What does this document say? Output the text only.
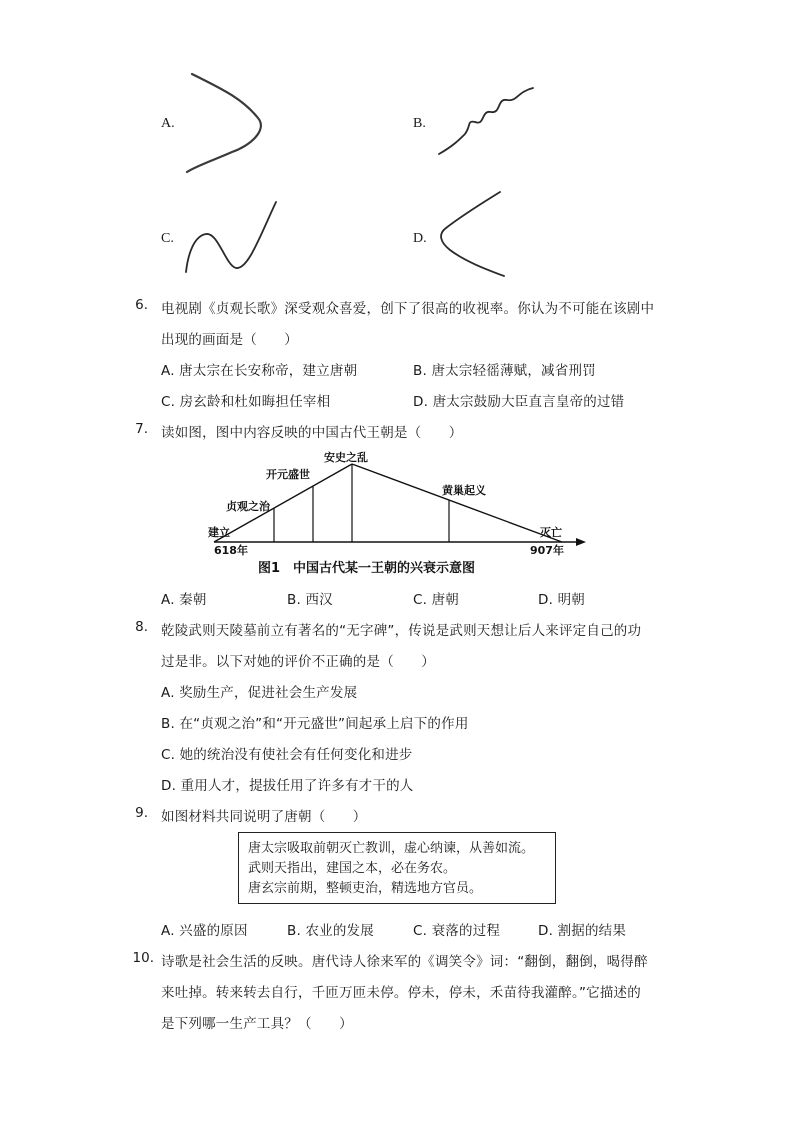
A.	B.
C.	D.
6. 电视剧《贞观长歌》深受观众喜爱，创下了很高的收视率。你认为不可能在该剧中
出现的画面是（　　）
A. 唐太宗在长安称帝，建立唐朝	B. 唐太宗轻徭薄赋，减省刑罚
C. 房玄龄和杜如晦担任宰相	D. 唐太宗鼓励大臣直言皇帝的过错
7. 读如图，图中内容反映的中国古代王朝是（　　）
建立
618年
贞观之治
开元盛世
安史之乱
黄巢起义
灭亡
907年
图1　中国古代某一王朝的兴衰示意图
A. 秦朝	B. 西汉	C. 唐朝	D. 明朝
8. 乾陵武则天陵墓前立有著名的“无字碑”，传说是武则天想让后人来评定自己的功
过是非。以下对她的评价不正确的是（　　）
A. 奖励生产，促进社会生产发展
B. 在“贞观之治”和“开元盛世”间起承上启下的作用
C. 她的统治没有使社会有任何变化和进步
D. 重用人才，提拔任用了许多有才干的人
9. 如图材料共同说明了唐朝（　　）
唐太宗吸取前朝灭亡教训，虚心纳谏，从善如流。
武则天指出，建国之本，必在务农。
唐玄宗前期，整顿吏治，精选地方官员。
A. 兴盛的原因	B. 农业的发展	C. 衰落的过程	D. 割据的结果
10. 诗歌是社会生活的反映。唐代诗人徐来军的《调笑令》词：“翻倒，翻倒，喝得醉
来吐掉。转来转去自行，千匝万匝未停。停未，停未，禾苗待我灌醉。”它描述的
是下列哪一生产工具？（　　）
